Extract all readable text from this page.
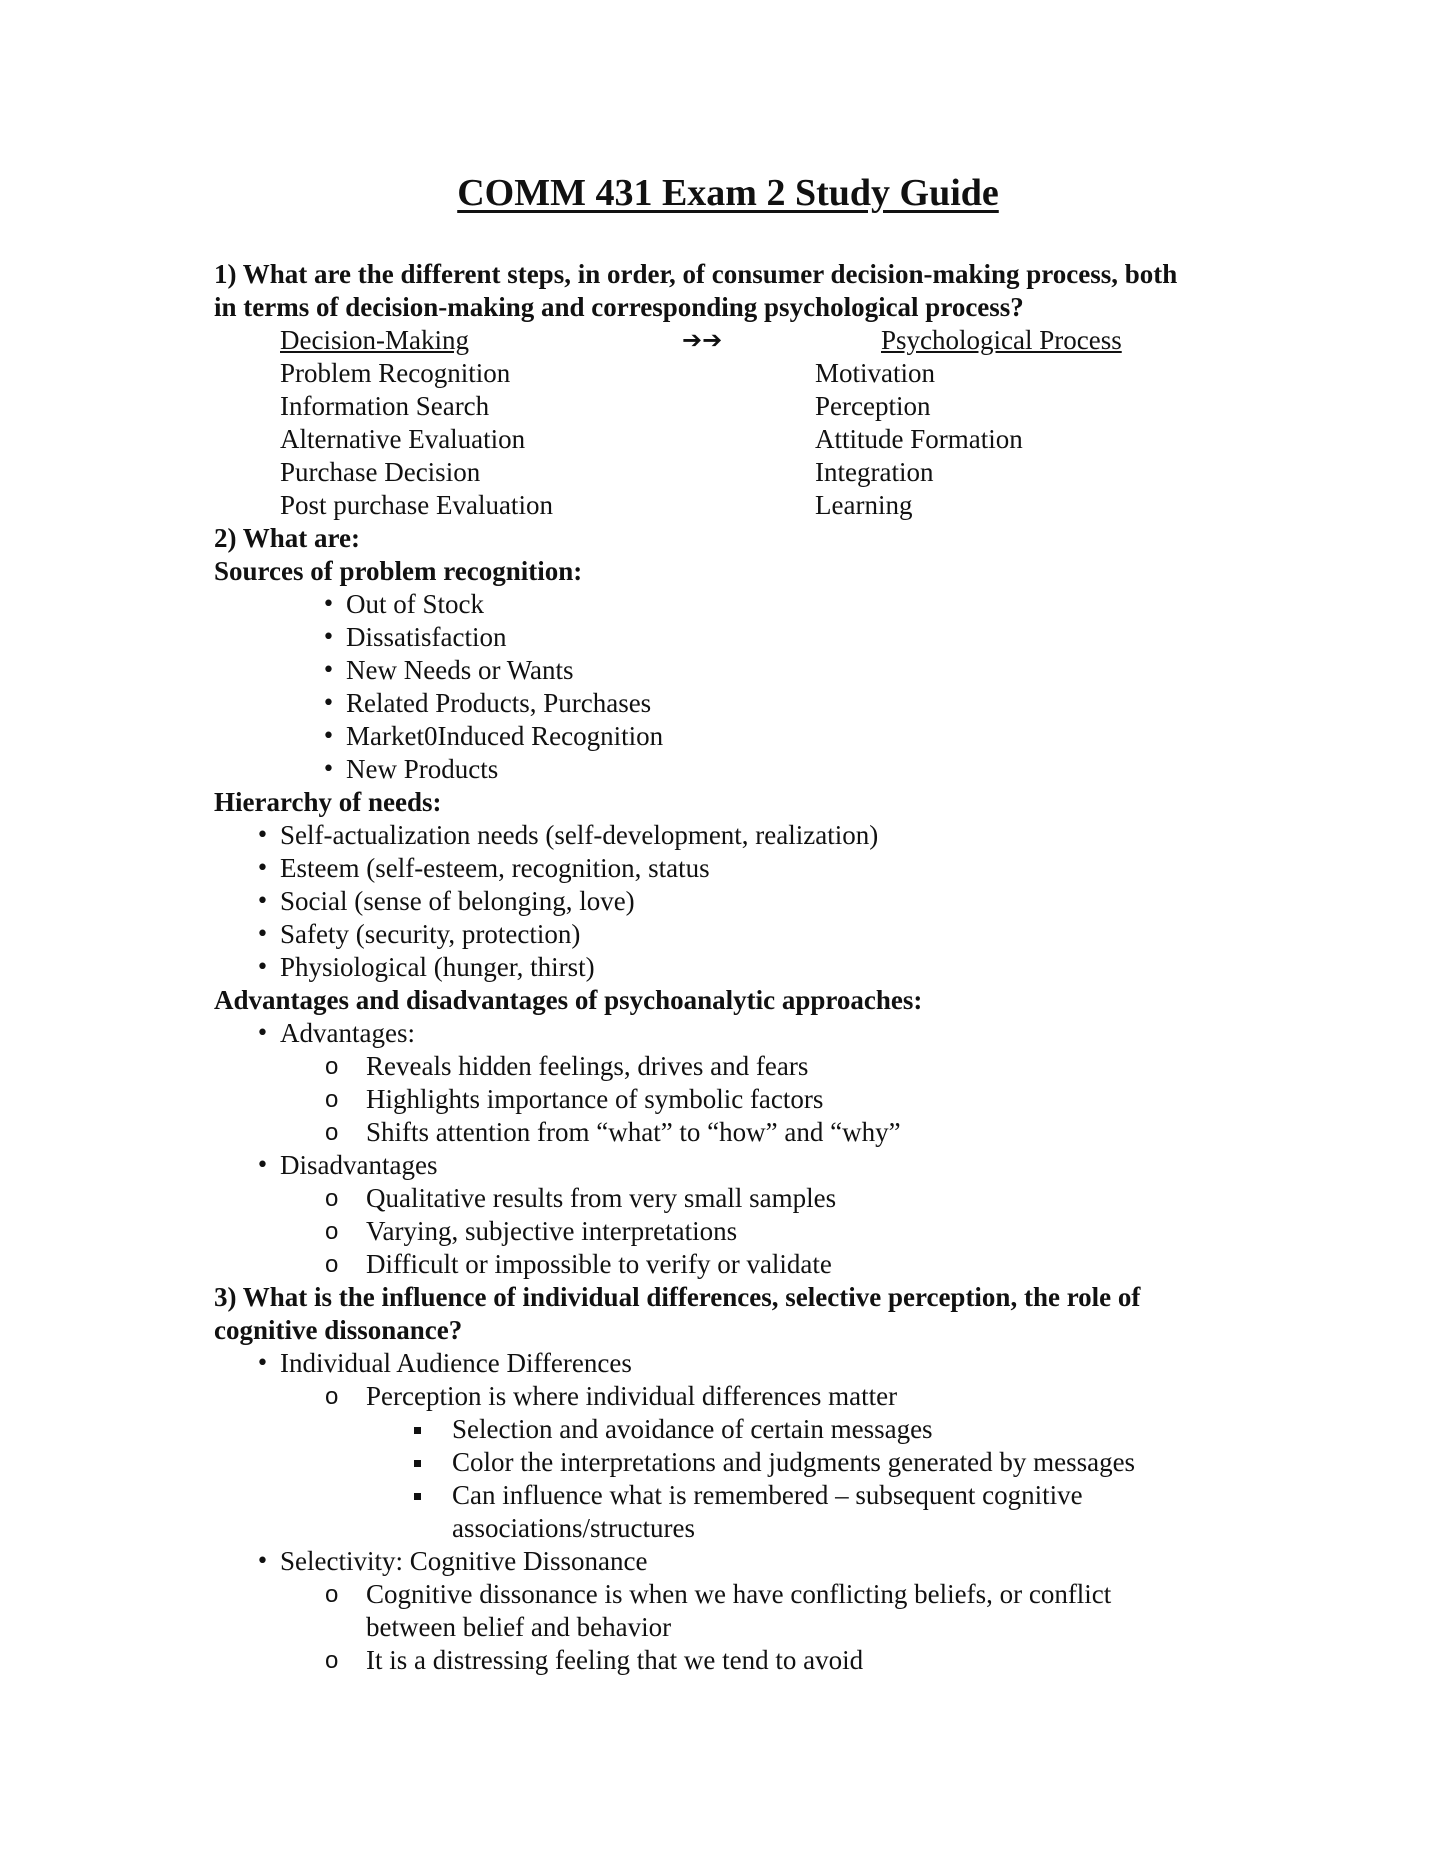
COMM 431 Exam 2 Study Guide
1) What are the different steps, in order, of consumer decision-making process, both
in terms of decision-making and corresponding psychological process?
Decision-Making	➔➔	Psychological Process
Problem Recognition	Motivation
Information Search	Perception
Alternative Evaluation	Attitude Formation
Purchase Decision	Integration
Post purchase Evaluation	Learning
2) What are:
Sources of problem recognition:
• Out of Stock
• Dissatisfaction
• New Needs or Wants
• Related Products, Purchases
• Market0Induced Recognition
• New Products
Hierarchy of needs:
• Self-actualization needs (self-development, realization)
• Esteem (self-esteem, recognition, status
• Social (sense of belonging, love)
• Safety (security, protection)
• Physiological (hunger, thirst)
Advantages and disadvantages of psychoanalytic approaches:
• Advantages:
o Reveals hidden feelings, drives and fears
o Highlights importance of symbolic factors
o Shifts attention from “what” to “how” and “why”
• Disadvantages
o Qualitative results from very small samples
o Varying, subjective interpretations
o Difficult or impossible to verify or validate
3) What is the influence of individual differences, selective perception, the role of
cognitive dissonance?
• Individual Audience Differences
o Perception is where individual differences matter
Selection and avoidance of certain messages
Color the interpretations and judgments generated by messages
Can influence what is remembered – subsequent cognitive associations/structures
• Selectivity: Cognitive Dissonance
o Cognitive dissonance is when we have conflicting beliefs, or conflict between belief and behavior
o It is a distressing feeling that we tend to avoid
